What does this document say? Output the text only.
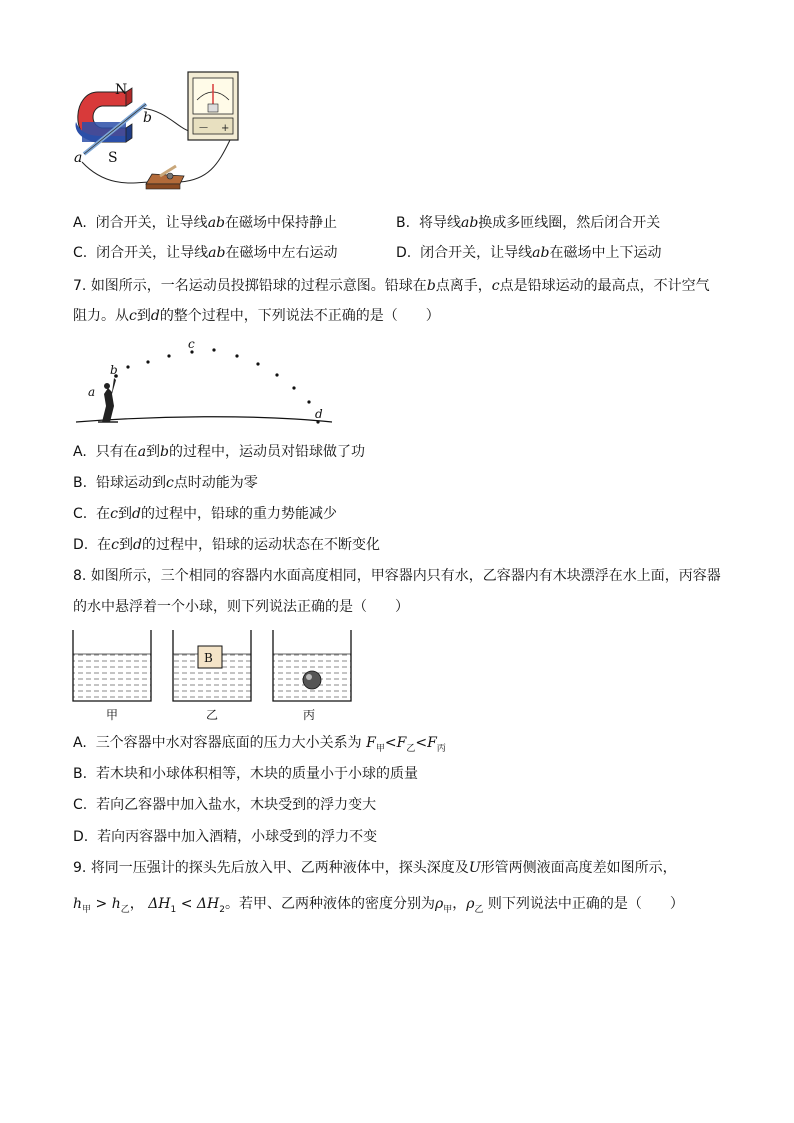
— +
N
S
a
b
A. 闭合开关，让导线ab在磁场中保持静止	B. 将导线ab换成多匝线圈，然后闭合开关
C. 闭合开关，让导线ab在磁场中左右运动	D. 闭合开关，让导线ab在磁场中上下运动
7. 如图所示，一名运动员投掷铅球的过程示意图。铅球在b点离手，c点是铅球运动的最高点，不计空气
阻力。从c到d的整个过程中，下列说法不正确的是（　　）
a
b
c
d
A. 只有在a到b的过程中，运动员对铅球做了功
B. 铅球运动到c点时动能为零
C. 在c到d的过程中，铅球的重力势能减少
D. 在c到d的过程中，铅球的运动状态在不断变化
8. 如图所示，三个相同的容器内水面高度相同，甲容器内只有水，乙容器内有木块漂浮在水上面，丙容器
的水中悬浮着一个小球，则下列说法正确的是（　　）
B
甲	乙	丙
A. 三个容器中水对容器底面的压力大小关系为 $F_甲<F_乙<F_丙$
B. 若木块和小球体积相等，木块的质量小于小球的质量
C. 若向乙容器中加入盐水，木块受到的浮力变大
D. 若向丙容器中加入酒精，小球受到的浮力不变
9. 将同一压强计的探头先后放入甲、乙两种液体中，探头深度及U形管两侧液面高度差如图所示，
$h_甲 > h_乙$， $\Delta H_1 < \Delta H_2$。若甲、乙两种液体的密度分别为$\rho_甲$，$\rho_乙$ 则下列说法中正确的是（　　）
